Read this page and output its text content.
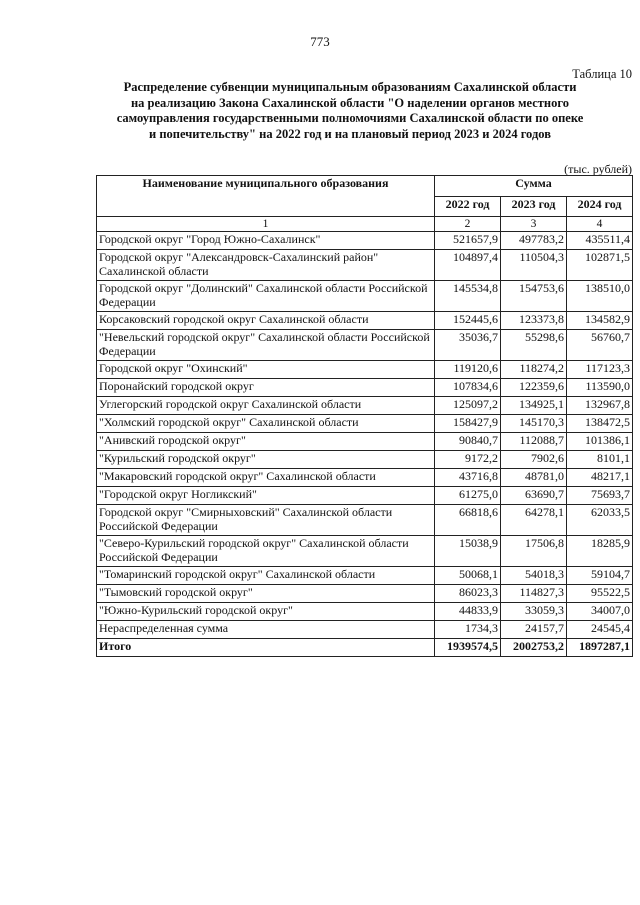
773
Таблица 10
Распределение субвенции муниципальным образованиям Сахалинской области
на реализацию Закона Сахалинской области "О наделении органов местного
самоуправления государственными полномочиями Сахалинской области по опеке
и попечительству" на 2022 год и на плановый период 2023 и 2024 годов
(тыс. рублей)
Наименование муниципального образования	Сумма		
	2022 год	2023 год	2024 год
1	2	3	4
Городской округ "Город Южно-Сахалинск"	521657,9	497783,2	435511,4
Городской округ "Александровск-Сахалинский район" Сахалинской области	104897,4	110504,3	102871,5
Городской округ "Долинский" Сахалинской области Российской Федерации	145534,8	154753,6	138510,0
Корсаковский городской округ Сахалинской области	152445,6	123373,8	134582,9
"Невельский городской округ" Сахалинской области Российской Федерации	35036,7	55298,6	56760,7
Городской округ "Охинский"	119120,6	118274,2	117123,3
Поронайский городской округ	107834,6	122359,6	113590,0
Углегорский городской округ Сахалинской области	125097,2	134925,1	132967,8
"Холмский городской округ" Сахалинской области	158427,9	145170,3	138472,5
"Анивский городской округ"	90840,7	112088,7	101386,1
"Курильский городской округ"	9172,2	7902,6	8101,1
"Макаровский городской округ" Сахалинской области	43716,8	48781,0	48217,1
"Городской округ Ногликский"	61275,0	63690,7	75693,7
Городской округ "Смирныховский" Сахалинской области Российской Федерации	66818,6	64278,1	62033,5
"Северо-Курильский городской округ" Сахалинской области Российской Федерации	15038,9	17506,8	18285,9
"Томаринский городской округ" Сахалинской области	50068,1	54018,3	59104,7
"Тымовский городской округ"	86023,3	114827,3	95522,5
"Южно-Курильский городской округ"	44833,9	33059,3	34007,0
Нераспределенная сумма	1734,3	24157,7	24545,4
Итого	1939574,5	2002753,2	1897287,1
